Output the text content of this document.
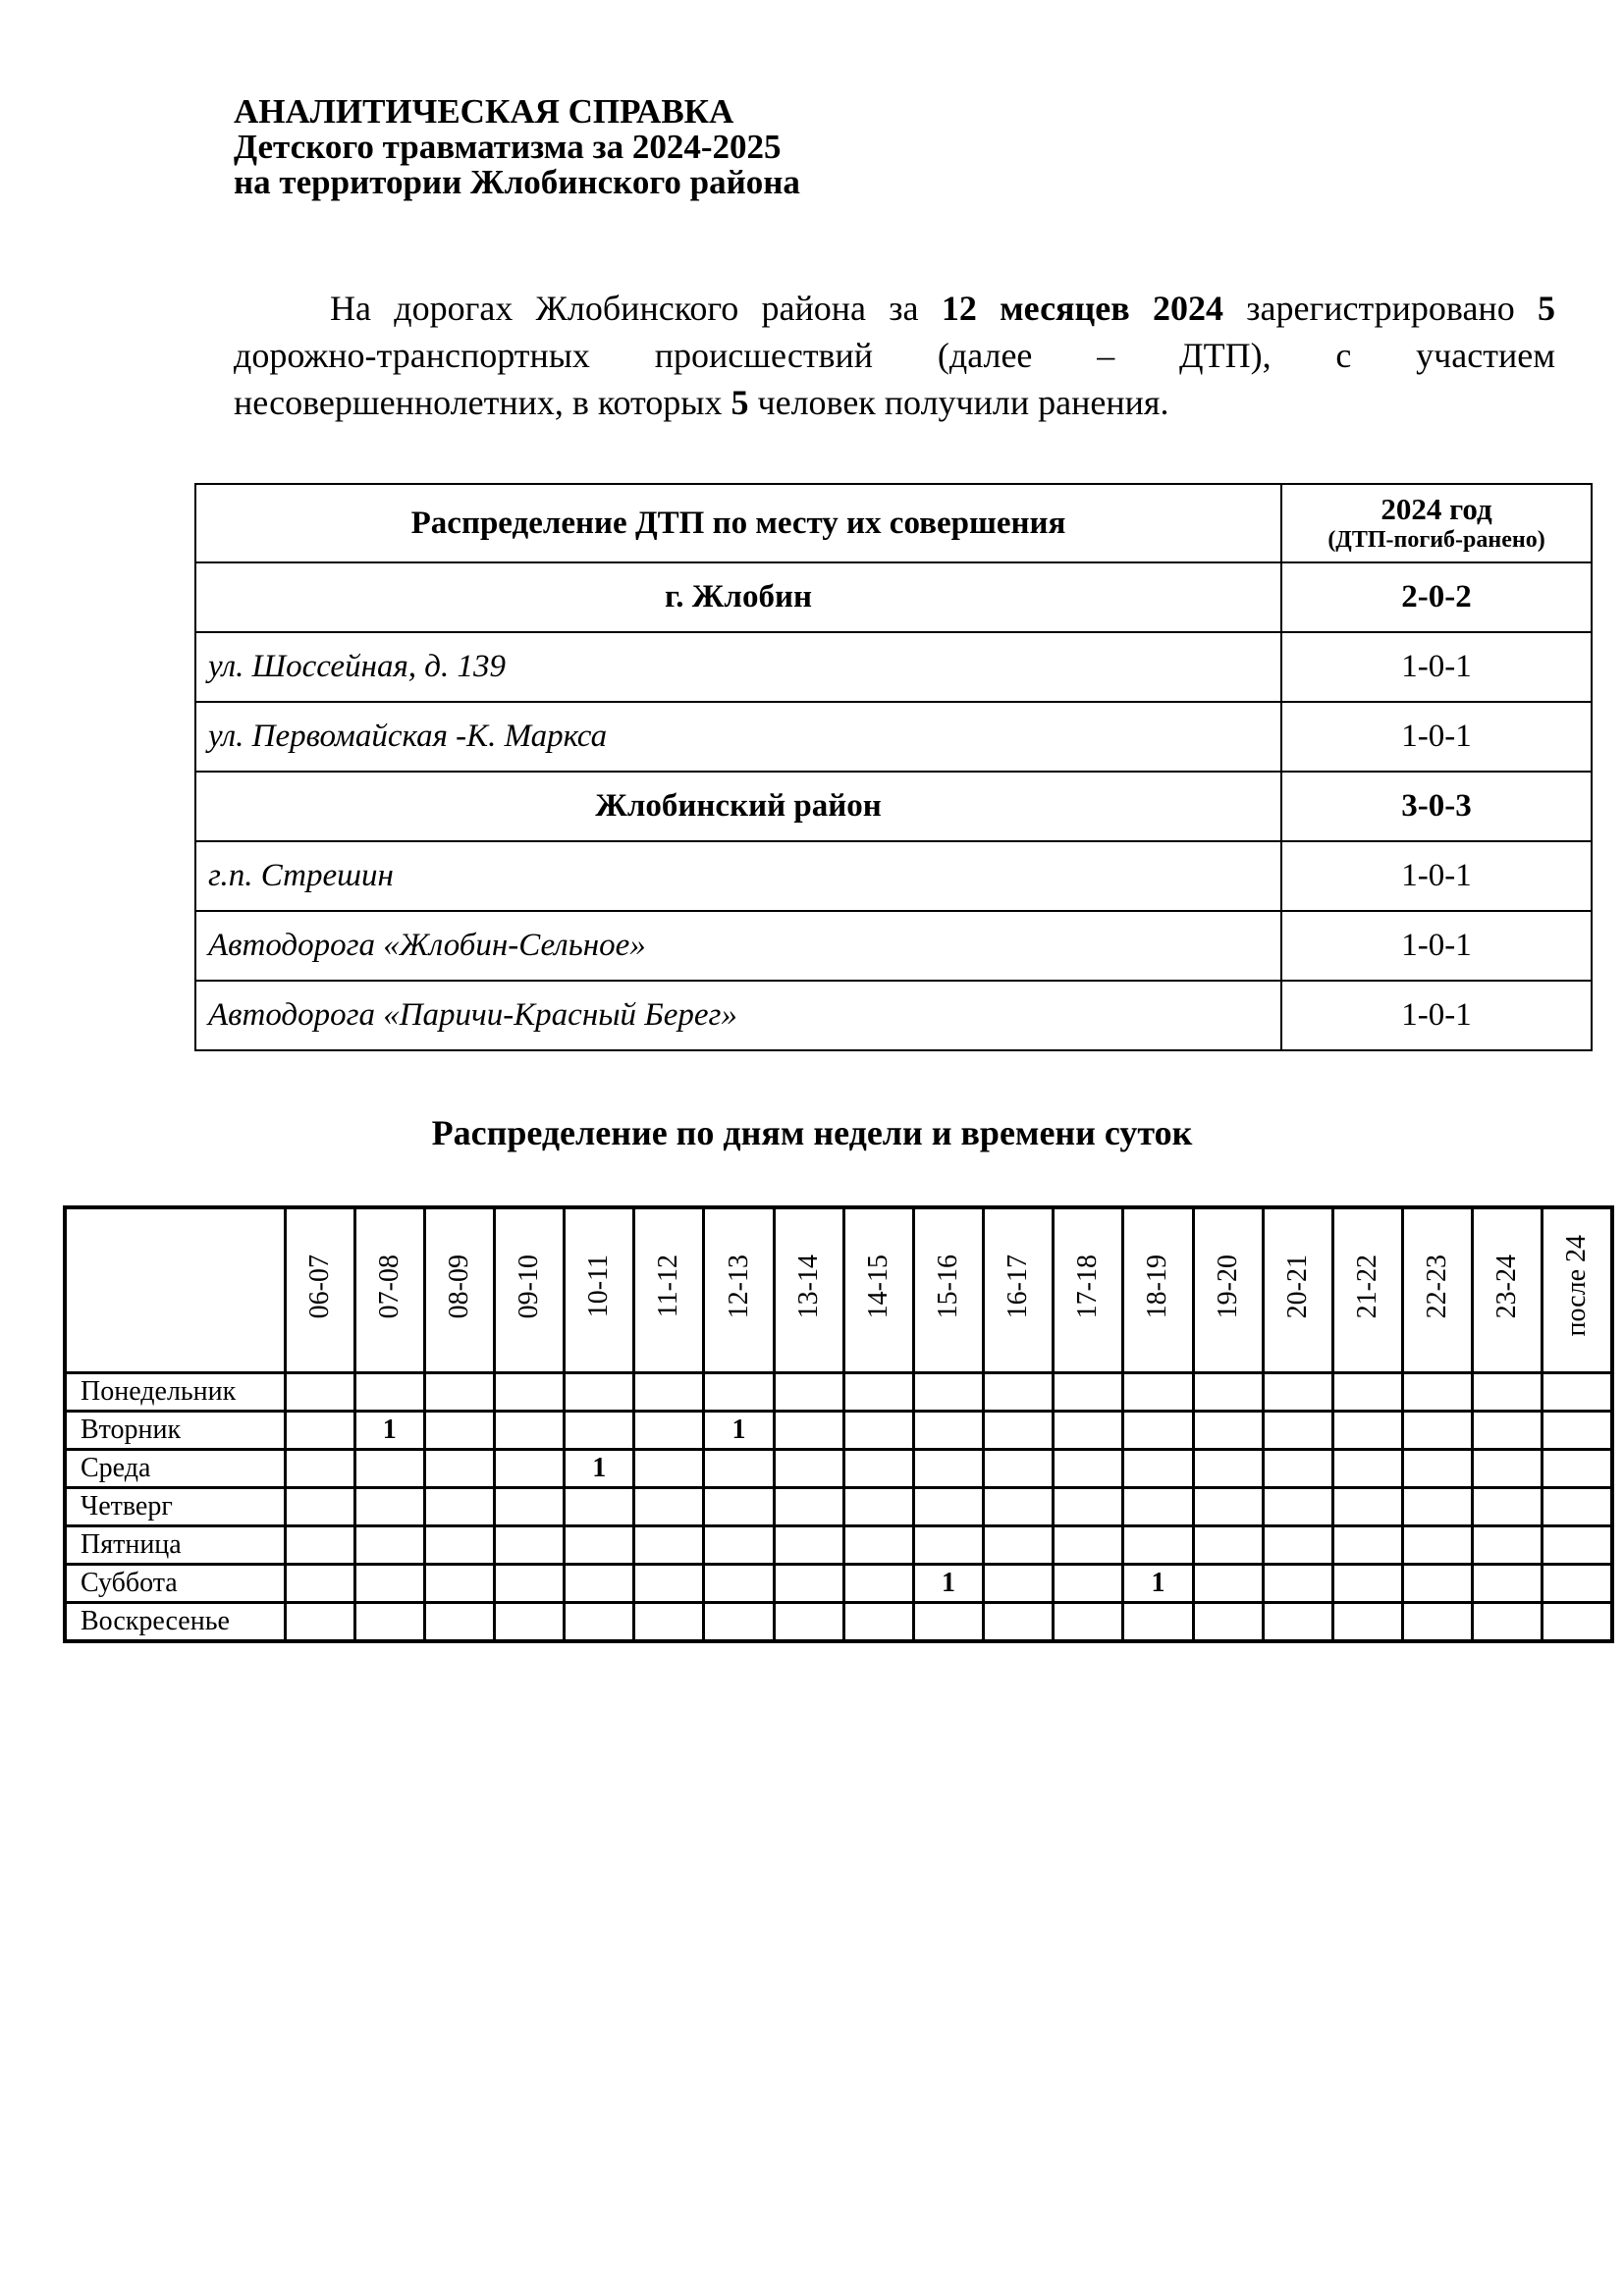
АНАЛИТИЧЕСКАЯ СПРАВКА
Детского травматизма за 2024-2025
на территории Жлобинского района

На дорогах Жлобинского района за 12 месяцев 2024 зарегистрировано 5 дорожно-транспортных происшествий (далее – ДТП), с участием несовершеннолетних, в которых 5 человек получили ранения.

Распределение ДТП по месту их совершения	2024 год
(ДТП-погиб-ранено)

г. Жлобин	2-0-2
ул. Шоссейная, д. 139	1-0-1
ул. Первомайская -К. Маркса	1-0-1
Жлобинский район	3-0-3
г.п. Стрешин	1-0-1
Автодорога «Жлобин-Сельное»	1-0-1
Автодорога «Паричи-Красный Берег»	1-0-1
Распределение по дням недели и времени суток
	06-07	07-08	08-09	09-10	10-11	11-12	12-13	13-14	14-15	15-16	16-17	17-18	18-19	19-20	20-21	21-22	22-23	23-24	после 24
Понедельник																			
Вторник		1					1												
Среда					1														
Четверг																			
Пятница																			
Суббота										1			1						
Воскресенье																			
